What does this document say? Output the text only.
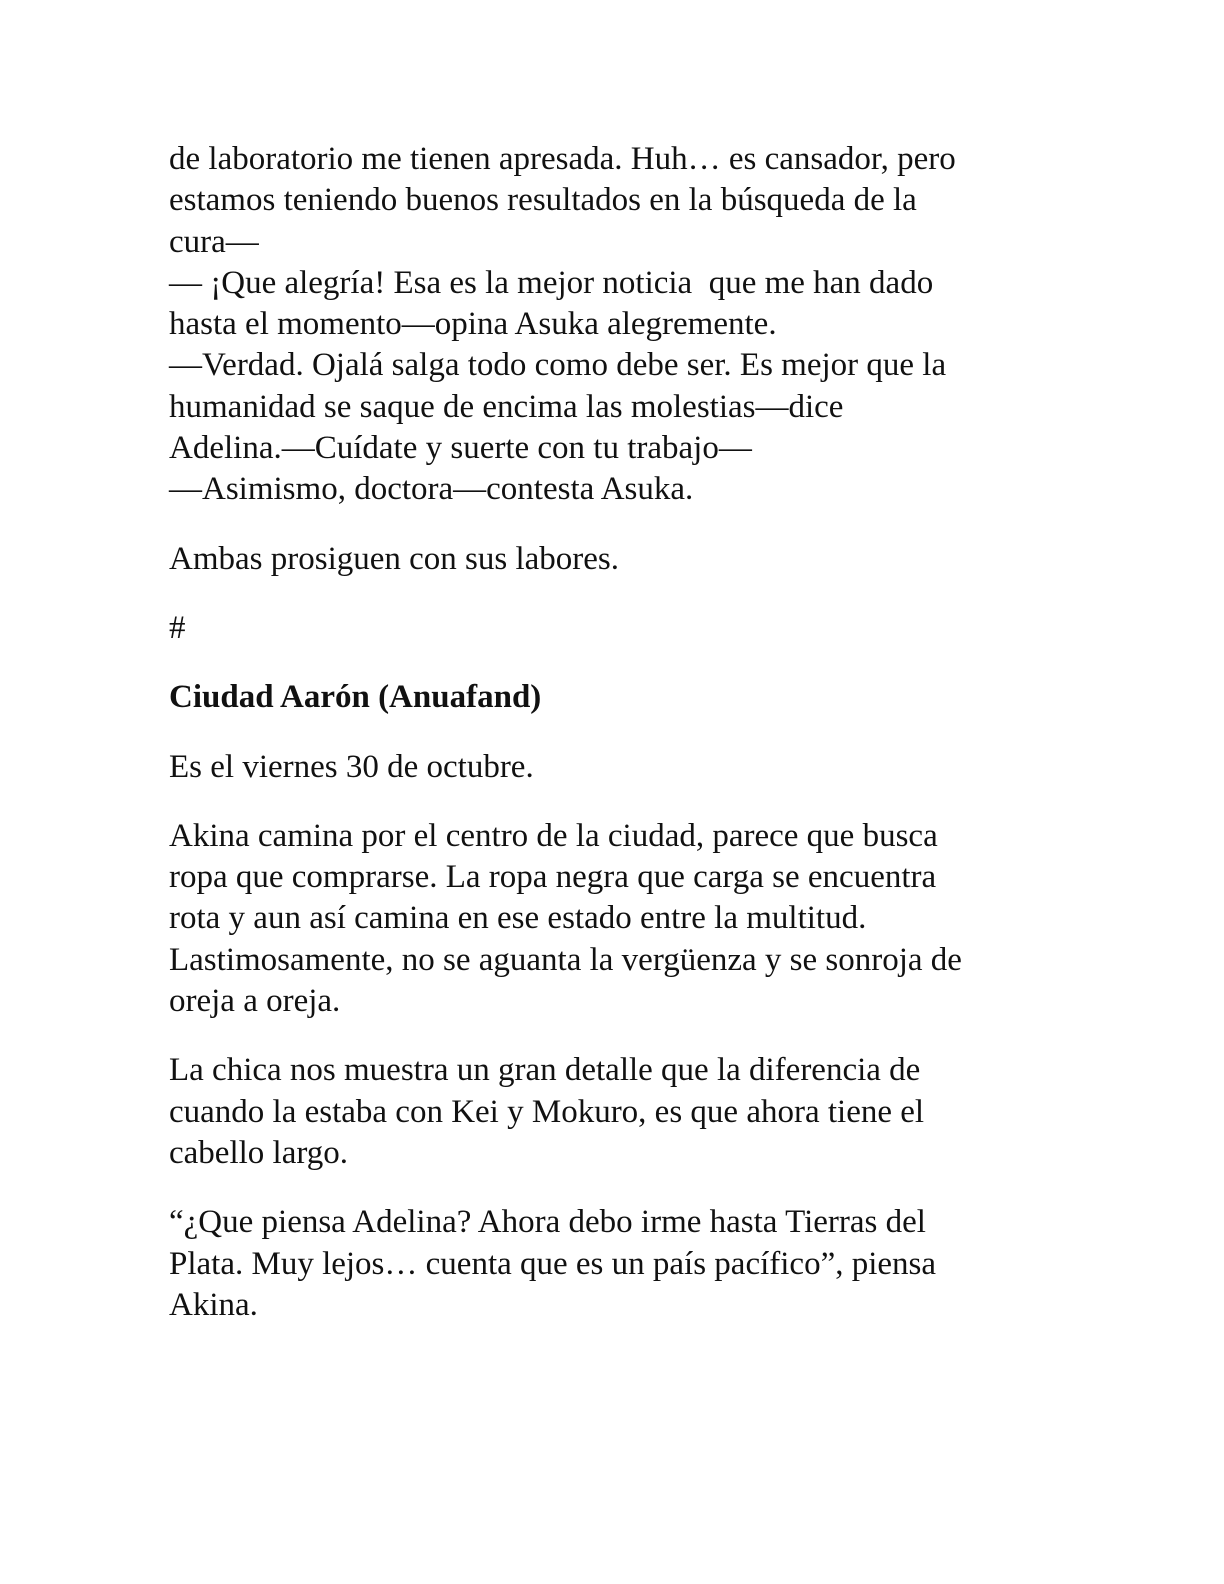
de laboratorio me tienen apresada. Huh… es cansador, pero
estamos teniendo buenos resultados en la búsqueda de la
cura—
— ¡Que alegría! Esa es la mejor noticia  que me han dado
hasta el momento—opina Asuka alegremente.
—Verdad. Ojalá salga todo como debe ser. Es mejor que la
humanidad se saque de encima las molestias—dice
Adelina.—Cuídate y suerte con tu trabajo—
—Asimismo, doctora—contesta Asuka.
Ambas prosiguen con sus labores.
#
Ciudad Aarón (Anuafand)
Es el viernes 30 de octubre.
Akina camina por el centro de la ciudad, parece que busca
ropa que comprarse. La ropa negra que carga se encuentra
rota y aun así camina en ese estado entre la multitud.
Lastimosamente, no se aguanta la vergüenza y se sonroja de
oreja a oreja.
La chica nos muestra un gran detalle que la diferencia de
cuando la estaba con Kei y Mokuro, es que ahora tiene el
cabello largo.
“¿Que piensa Adelina? Ahora debo irme hasta Tierras del
Plata. Muy lejos… cuenta que es un país pacífico”, piensa
Akina.
